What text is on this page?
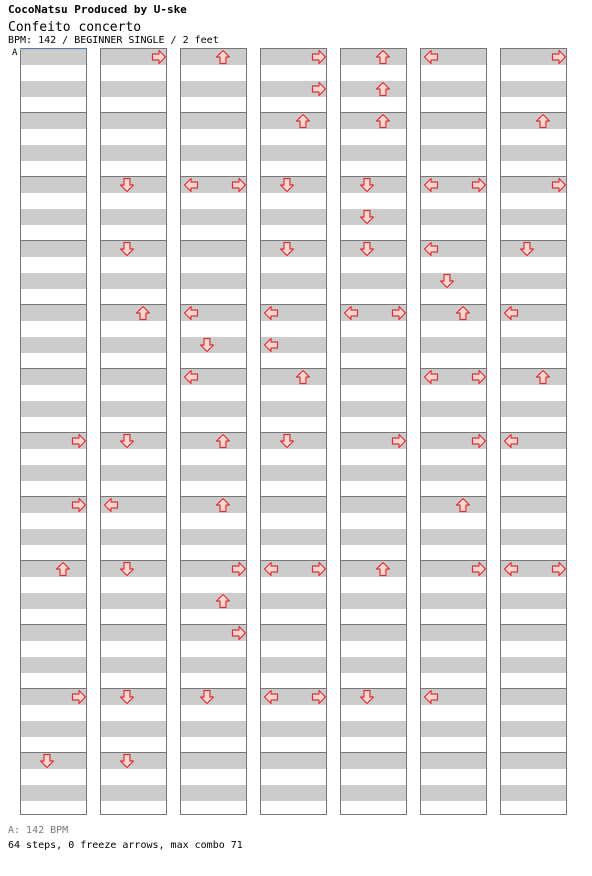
CocoNatsu Produced by U-ske
Confeito concerto
BPM: 142 / BEGINNER SINGLE / 2 feet
A
A: 142 BPM
64 steps, 0 freeze arrows, max combo 71
